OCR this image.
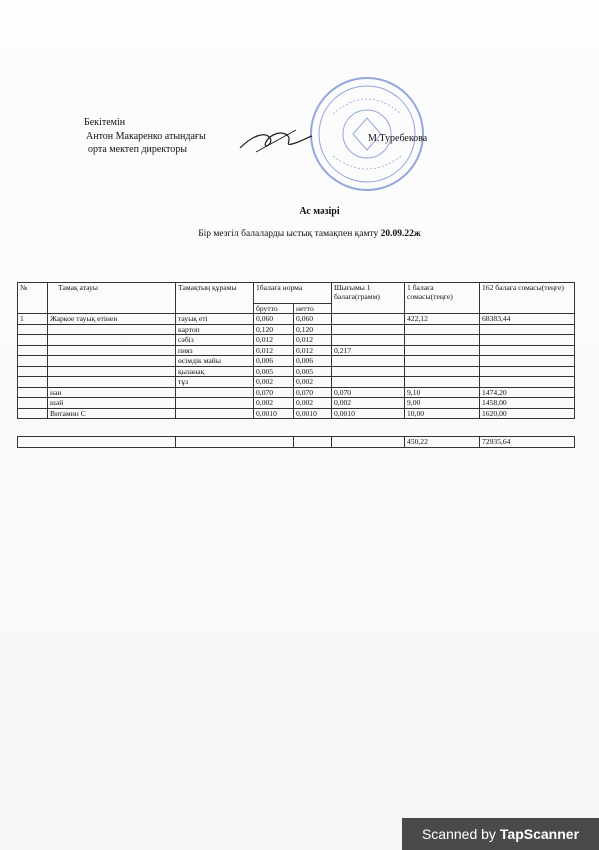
Бекітемін
Антон Макаренко атындағы
орта мектеп директоры
М.Туребекова
Ас мәзірі
Бір мезгіл балаларды ыстық тамақпен қамту 20.09.22ж
№	Тамақ атауы	Тамақтың құрамы	1балаға норма		Шығымы 1 балаға(грамм)	1 балаға сомасы(теңге)	162 балаға сомасы(теңге)
			брутто	нетто			
1	Жаркое тауық етінен	тауық еті	0,060	0,060		422,12	68383,44
		картоп	0,120	0,120			
		сәбіз	0,012	0,012			
		пияз	0,012	0,012	0,217		
		өсімдік майы	0,006	0,006			
		қызанақ	0,005	0,005			
		тұз	0,002	0,002			
	нан		0,070	0,070	0,070	9,10	1474,20
	шәй		0,002	0,002	0,002	9,00	1458,00
	Витамин С		0,0010	0,0010	0,0010	10,00	1620,00

						450,22	72935,64
Scanned by TapScanner
